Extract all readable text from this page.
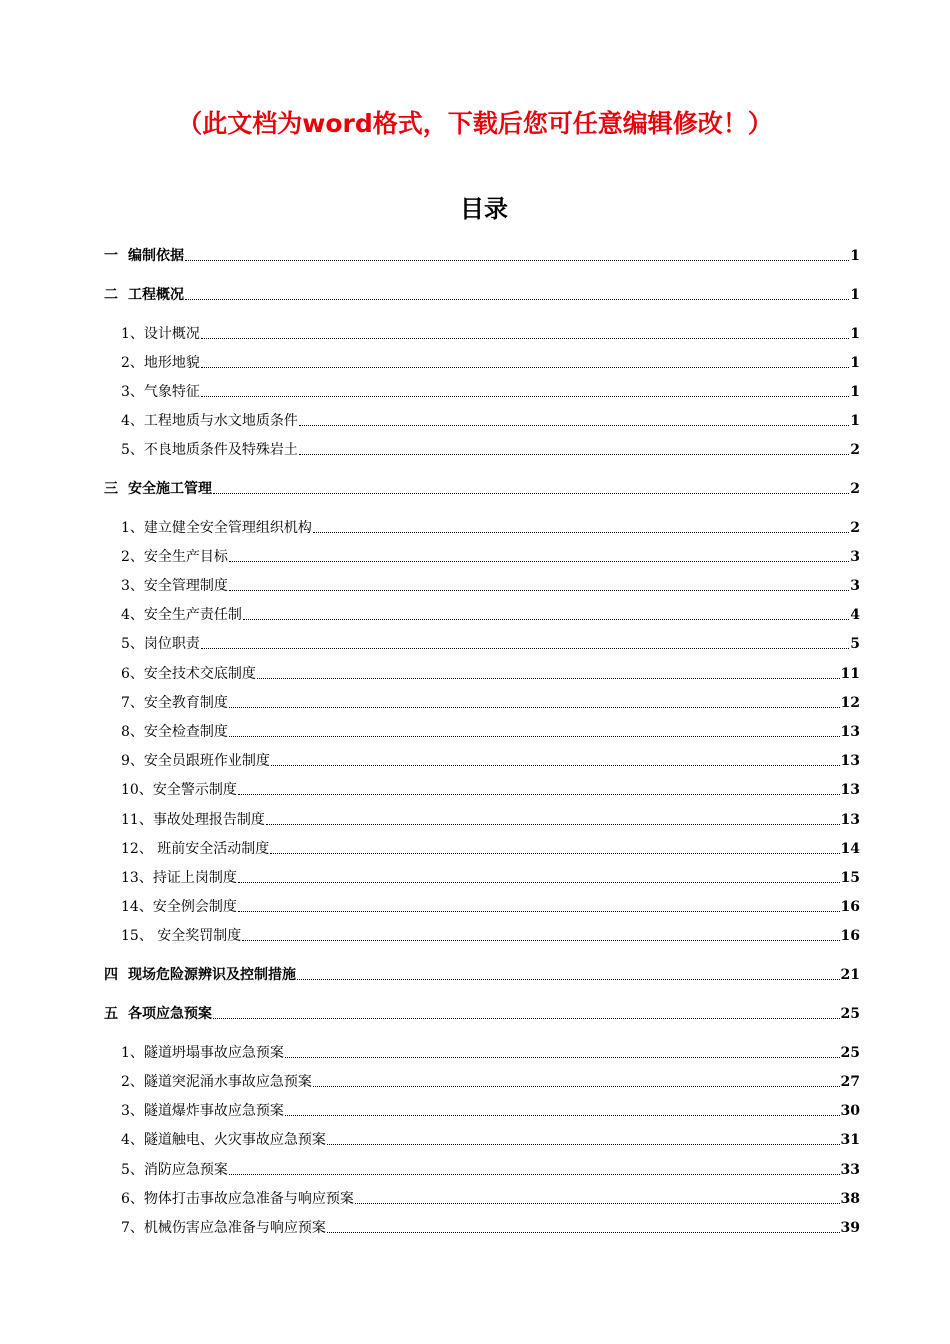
（此文档为word格式，下载后您可任意编辑修改！）
目录
一 编制依据	1
二 工程概况	1
1、 设计概况	1
2、 地形地貌	1
3、 气象特征	1
4、 工程地质与水文地质条件	1
5、 不良地质条件及特殊岩土	2
三 安全施工管理	2
1、 建立健全安全管理组织机构	2
2、 安全生产目标	3
3、 安全管理制度	3
4、 安全生产责任制	4
5、 岗位职责	5
6、 安全技术交底制度	11
7、 安全教育制度	12
8、 安全检查制度	13
9、 安全员跟班作业制度	13
10、 安全警示制度	13
11、 事故处理报告制度	13
12、 班前安全活动制度	14
13、 持证上岗制度	15
14、 安全例会制度	16
15、 安全奖罚制度	16
四 现场危险源辨识及控制措施	21
五 各项应急预案	25
1、 隧道坍塌事故应急预案	25
2、 隧道突泥涌水事故应急预案	27
3、 隧道爆炸事故应急预案	30
4、 隧道触电、火灾事故应急预案	31
5、 消防应急预案	33
6、 物体打击事故应急准备与响应预案	38
7、 机械伤害应急准备与响应预案	39
